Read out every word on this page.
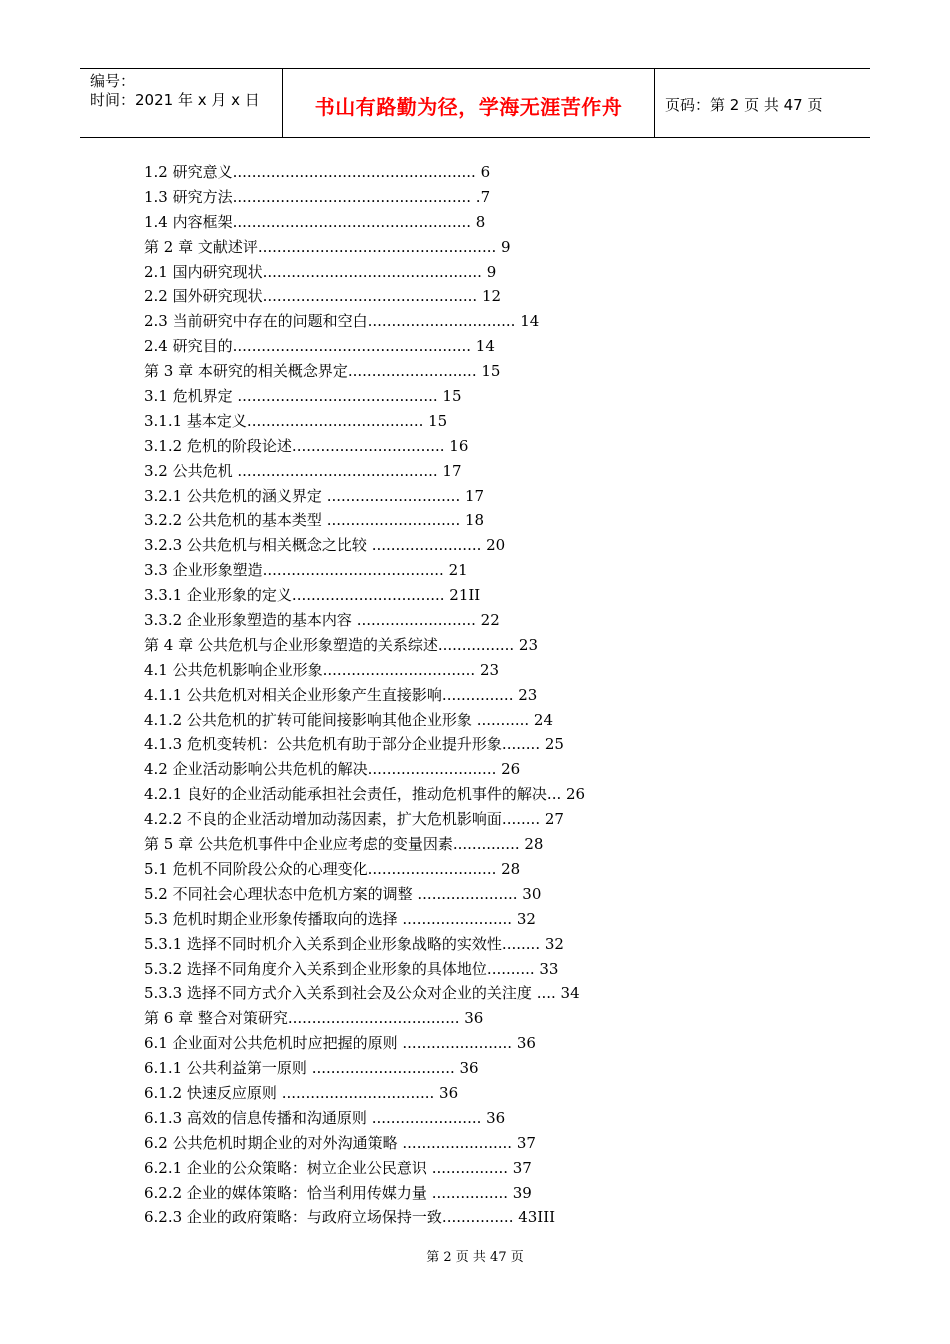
编号：
时间：2021 年 x 月 x 日	书山有路勤为径，学海无涯苦作舟	页码：第 2 页 共 47 页
1.2 研究意义................................................... 6
1.3 研究方法.................................................. .7
1.4 内容框架.................................................. 8
第 2 章 文献述评.................................................. 9
2.1 国内研究现状.............................................. 9
2.2 国外研究现状............................................. 12
2.3 当前研究中存在的问题和空白............................... 14
2.4 研究目的.................................................. 14
第 3 章 本研究的相关概念界定........................... 15
3.1 危机界定 .......................................... 15
3.1.1 基本定义..................................... 15
3.1.2 危机的阶段论述................................ 16
3.2 公共危机 .......................................... 17
3.2.1 公共危机的涵义界定 ............................ 17
3.2.2 公共危机的基本类型 ............................ 18
3.2.3 公共危机与相关概念之比较 ....................... 20
3.3 企业形象塑造...................................... 21
3.3.1 企业形象的定义................................ 21II
3.3.2 企业形象塑造的基本内容 ......................... 22
第 4 章 公共危机与企业形象塑造的关系综述................ 23
4.1 公共危机影响企业形象................................ 23
4.1.1 公共危机对相关企业形象产生直接影响............... 23
4.1.2 公共危机的扩转可能间接影响其他企业形象 ........... 24
4.1.3 危机变转机：公共危机有助于部分企业提升形象........ 25
4.2 企业活动影响公共危机的解决........................... 26
4.2.1 良好的企业活动能承担社会责任，推动危机事件的解决... 26
4.2.2 不良的企业活动增加动荡因素，扩大危机影响面........ 27
第 5 章 公共危机事件中企业应考虑的变量因素.............. 28
5.1 危机不同阶段公众的心理变化........................... 28
5.2 不同社会心理状态中危机方案的调整 ..................... 30
5.3 危机时期企业形象传播取向的选择 ....................... 32
5.3.1 选择不同时机介入关系到企业形象战略的实效性........ 32
5.3.2 选择不同角度介入关系到企业形象的具体地位.......... 33
5.3.3 选择不同方式介入关系到社会及公众对企业的关注度 .... 34
第 6 章 整合对策研究.................................... 36
6.1 企业面对公共危机时应把握的原则 ....................... 36
6.1.1 公共利益第一原则 .............................. 36
6.1.2 快速反应原则 ................................ 36
6.1.3 高效的信息传播和沟通原则 ....................... 36
6.2 公共危机时期企业的对外沟通策略 ....................... 37
6.2.1 企业的公众策略：树立企业公民意识 ................ 37
6.2.2 企业的媒体策略：恰当利用传媒力量 ................ 39
6.2.3 企业的政府策略：与政府立场保持一致............... 43III
第 2 页 共 47 页
